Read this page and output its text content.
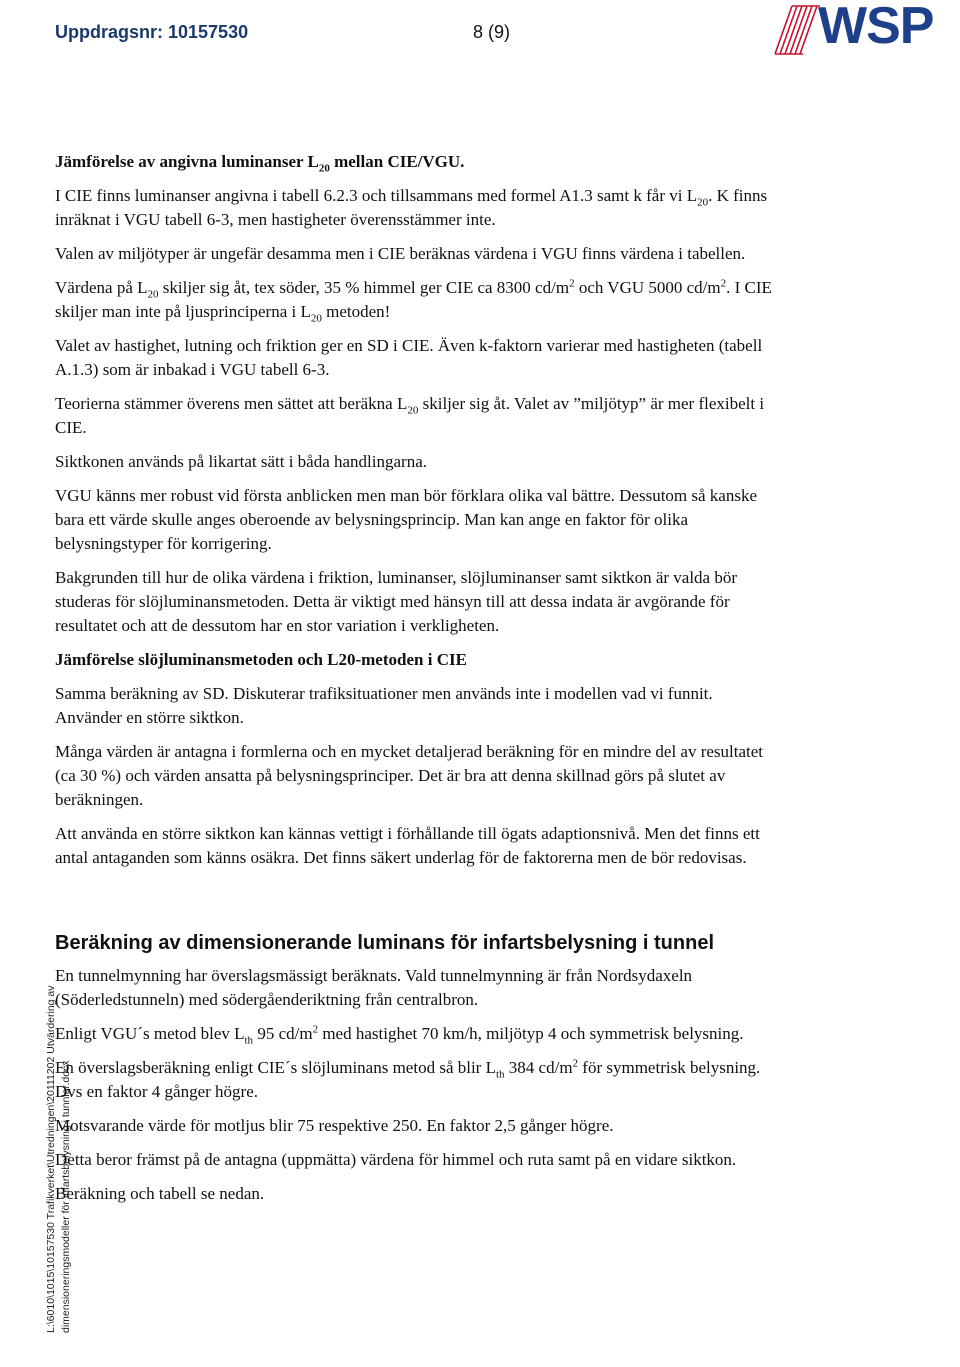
Uppdragsnr: 10157530	8 (9)	WSP
L:\6010\1015\10157530 Trafikverket\Utredningen\20111202 Utvärdering av dimensioneringsmodeller för infartsbelysning i tunnlar.docx
Jämförelse av angivna luminanser $L_{20}$ mellan CIE/VGU.

I CIE finns luminanser angivna i tabell 6.2.3 och tillsammans med formel A1.3 samt k får vi $L_{20}$. K finns inräknat i VGU tabell 6-3, men hastigheter överensstämmer inte.

Valen av miljötyper är ungefär desamma men i CIE beräknas värdena i VGU finns värdena i tabellen.

Värdena på $L_{20}$ skiljer sig åt, tex söder, 35 % himmel ger CIE ca 8300 $cd/m^2$ och VGU 5000 $cd/m^2$. I CIE skiljer man inte på ljusprinciperna i $L_{20}$ metoden!

Valet av hastighet, lutning och friktion ger en SD i CIE. Även k-faktorn varierar med hastigheten (tabell A.1.3) som är inbakad i VGU tabell 6-3.

Teorierna stämmer överens men sättet att beräkna $L_{20}$ skiljer sig åt. Valet av ”miljötyp” är mer flexibelt i CIE.

Siktkonen används på likartat sätt i båda handlingarna.

VGU känns mer robust vid första anblicken men man bör förklara olika val bättre. Dessutom så kanske bara ett värde skulle anges oberoende av belysningsprincip. Man kan ange en faktor för olika belysningstyper för korrigering.

Bakgrunden till hur de olika värdena i friktion, luminanser, slöjluminanser samt siktkon är valda bör studeras för slöjluminansmetoden. Detta är viktigt med hänsyn till att dessa indata är avgörande för resultatet och att de dessutom har en stor variation i verkligheten.

Jämförelse slöjluminansmetoden och L20-metoden i CIE

Samma beräkning av SD. Diskuterar trafiksituationer men används inte i modellen vad vi funnit. Använder en större siktkon.

Många värden är antagna i formlerna och en mycket detaljerad beräkning för en mindre del av resultatet (ca 30 %) och värden ansatta på belysningsprinciper. Det är bra att denna skillnad görs på slutet av beräkningen.

Att använda en större siktkon kan kännas vettigt i förhållande till ögats adaptionsnivå. Men det finns ett antal antaganden som känns osäkra. Det finns säkert underlag för de faktorerna men de bör redovisas.

Beräkning av dimensionerande luminans för infartsbelysning i tunnel

En tunnelmynning har överslagsmässigt beräknats. Vald tunnelmynning är från Nordsydaxeln (Söderledstunneln) med södergåenderiktning från centralbron.

Enligt VGU´s metod blev $L_{th}$ 95 $cd/m^2$ med hastighet 70 km/h, miljötyp 4 och symmetrisk belysning.

En överslagsberäkning enligt CIE´s slöjluminans metod så blir $L_{th}$ 384 $cd/m^2$ för symmetrisk belysning. Dvs en faktor 4 gånger högre.

Motsvarande värde för motljus blir 75 respektive 250. En faktor 2,5 gånger högre.

Detta beror främst på de antagna (uppmätta) värdena för himmel och ruta samt på en vidare siktkon.

Beräkning och tabell se nedan.
